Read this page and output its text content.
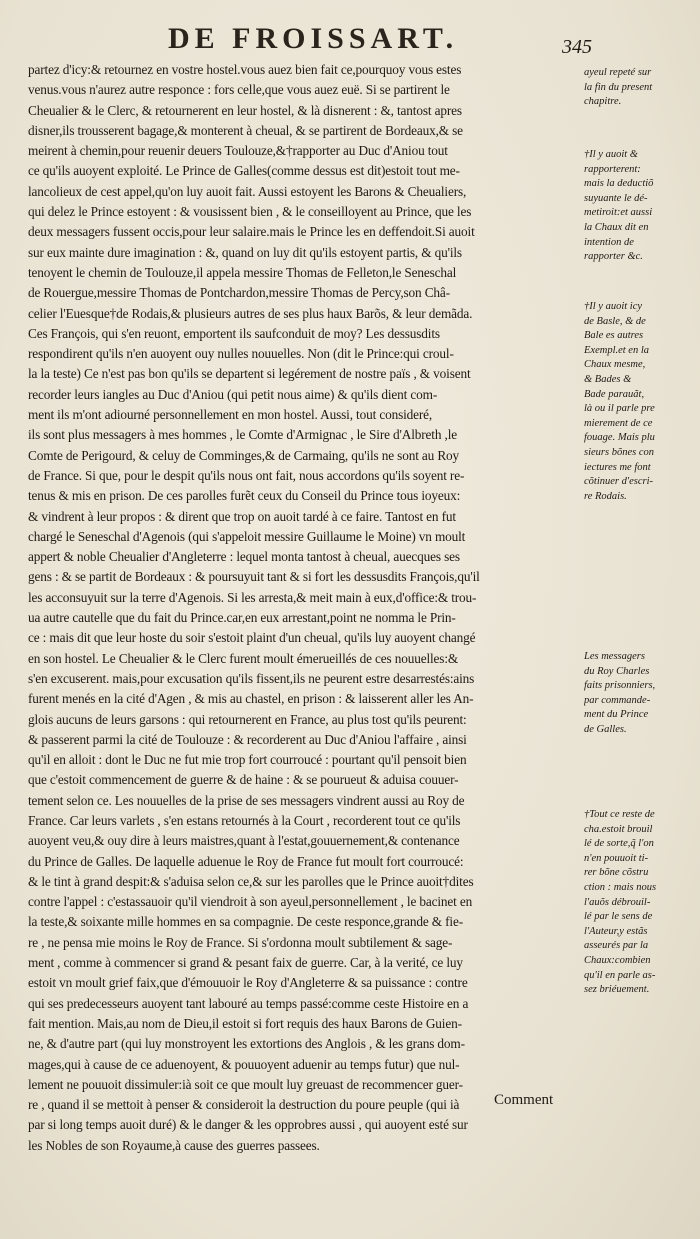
DE FROISSART.	345
partez d'icy:& retournez en vostre hostel.vous auez bien fait ce,pourquoy vous estes
venus.vous n'aurez autre responce : fors celle,que vous auez euë. Si se partirent le
Cheualier & le Clerc, & retournerent en leur hostel, & là disnerent : &, tantost apres
disner,ils trousserent bagage,& monterent à cheual, & se partirent de Bordeaux,& se
meirent à chemin,pour reuenir deuers Toulouze,&†rapporter au Duc d'Aniou tout
ce qu'ils auoyent exploité. Le Prince de Galles(comme dessus est dit)estoit tout me-
lancolieux de cest appel,qu'on luy auoit fait. Aussi estoyent les Barons & Cheualiers,
qui delez le Prince estoyent : & vousissent bien , & le conseilloyent au Prince, que les
deux messagers fussent occis,pour leur salaire.mais le Prince les en deffendoit.Si auoit
sur eux mainte dure imagination : &, quand on luy dit qu'ils estoyent partis, & qu'ils
tenoyent le chemin de Toulouze,il appela messire Thomas de Felleton,le Seneschal
de Rouergue,messire Thomas de Pontchardon,messire Thomas de Percy,son Châ-
celier l'Euesque†de Rodais,& plusieurs autres de ses plus haux Barõs, & leur demãda.
Ces François, qui s'en reuont, emportent ils saufconduit de moy? Les dessusdits
respondirent qu'ils n'en auoyent ouy nulles nouuelles. Non (dit le Prince:qui croul-
la la teste) Ce n'est pas bon qu'ils se departent si legérement de nostre païs , & voisent
recorder leurs iangles au Duc d'Aniou (qui petit nous aime) & qu'ils dient com-
ment ils m'ont adiourné personnellement en mon hostel. Aussi, tout consideré,
ils sont plus messagers à mes hommes , le Comte d'Armignac , le Sire d'Albreth ,le
Comte de Perigourd, & celuy de Comminges,& de Carmaing, qu'ils ne sont au Roy
de France. Si que, pour le despit qu'ils nous ont fait, nous accordons qu'ils soyent re-
tenus & mis en prison. De ces parolles furẽt ceux du Conseil du Prince tous ioyeux:
& vindrent à leur propos : & dirent que trop on auoit tardé à ce faire. Tantost en fut
chargé le Seneschal d'Agenois (qui s'appeloit messire Guillaume le Moine) vn moult
appert & noble Cheualier d'Angleterre : lequel monta tantost à cheual, auecques ses
gens : & se partit de Bordeaux : & poursuyuit tant & si fort les dessusdits François,qu'il
les acconsuyuit sur la terre d'Agenois. Si les arresta,& meit main à eux,d'office:& trou-
ua autre cautelle que du fait du Prince.car,en eux arrestant,point ne nomma le Prin-
ce : mais dit que leur hoste du soir s'estoit plaint d'un cheual, qu'ils luy auoyent changé
en son hostel. Le Cheualier & le Clerc furent moult émerueillés de ces nouuelles:&
s'en excuserent. mais,pour excusation qu'ils fissent,ils ne peurent estre desarrestés:ains
furent menés en la cité d'Agen , & mis au chastel, en prison : & laisserent aller les An-
glois aucuns de leurs garsons : qui retournerent en France, au plus tost qu'ils peurent:
& passerent parmi la cité de Toulouze : & recorderent au Duc d'Aniou l'affaire , ainsi
qu'il en alloit : dont le Duc ne fut mie trop fort courroucé : pourtant qu'il pensoit bien
que c'estoit commencement de guerre & de haine : & se pourueut & aduisa couuer-
tement selon ce. Les nouuelles de la prise de ses messagers vindrent aussi au Roy de
France. Car leurs varlets , s'en estans retournés à la Court , recorderent tout ce qu'ils
auoyent veu,& ouy dire à leurs maistres,quant à l'estat,gouuernement,& contenance
du Prince de Galles. De laquelle aduenue le Roy de France fut moult fort courroucé:
& le tint à grand despit:& s'aduisa selon ce,& sur les parolles que le Prince auoit†dites
contre l'appel : c'estassauoir qu'il viendroit à son ayeul,personnellement , le bacinet en
la teste,& soixante mille hommes en sa compagnie. De ceste responce,grande & fie-
re , ne pensa mie moins le Roy de France. Si s'ordonna moult subtilement & sage-
ment , comme à commencer si grand & pesant faix de guerre. Car, à la verité, ce luy
estoit vn moult grief faix,que d'émouuoir le Roy d'Angleterre & sa puissance : contre
qui ses predecesseurs auoyent tant labouré au temps passé:comme ceste Histoire en a
fait mention. Mais,au nom de Dieu,il estoit si fort requis des haux Barons de Guien-
ne, & d'autre part (qui luy monstroyent les extortions des Anglois , & les grans dom-
mages,qui à cause de ce aduenoyent, & pouuoyent aduenir au temps futur) que nul-
lement ne pouuoit dissimuler:ià soit ce que moult luy greuast de recommencer guer-
re , quand il se mettoit à penser & consideroit la destruction du poure peuple (qui ià
par si long temps auoit duré) & le danger & les opprobres aussi , qui auoyent esté sur
les Nobles de son Royaume,à cause des guerres passees.
ayeul repeté sur
la fin du present
chapitre.
†Il y auoit &
rapporterent:
mais la deductiõ
suyuante le dé-
metiroit:et aussi
la Chaux dit en
intention de
rapporter &c.
†Il y auoit icy
de Basle, & de
Bale es autres
Exempl.et en la
Chaux mesme,
& Bades &
Bade parauãt,
là ou il parle pre
mierement de ce
fouage. Mais plu
sieurs bõnes con
iectures me font
cõtinuer d'escri-
re Rodais.
Les messagers
du Roy Charles
faits prisonniers,
par commande-
ment du Prince
de Galles.
†Tout ce reste de
cha.estoit brouil
lé de sorte,q̃ l'on
n'en pouuoit ti-
rer bõne cõstru
ction : mais nous
l'auõs débrouil-
lé par le sens de
l'Auteur,y estãs
asseurés par la
Chaux:combien
qu'il en parle as-
sez briéuement.
Comment
